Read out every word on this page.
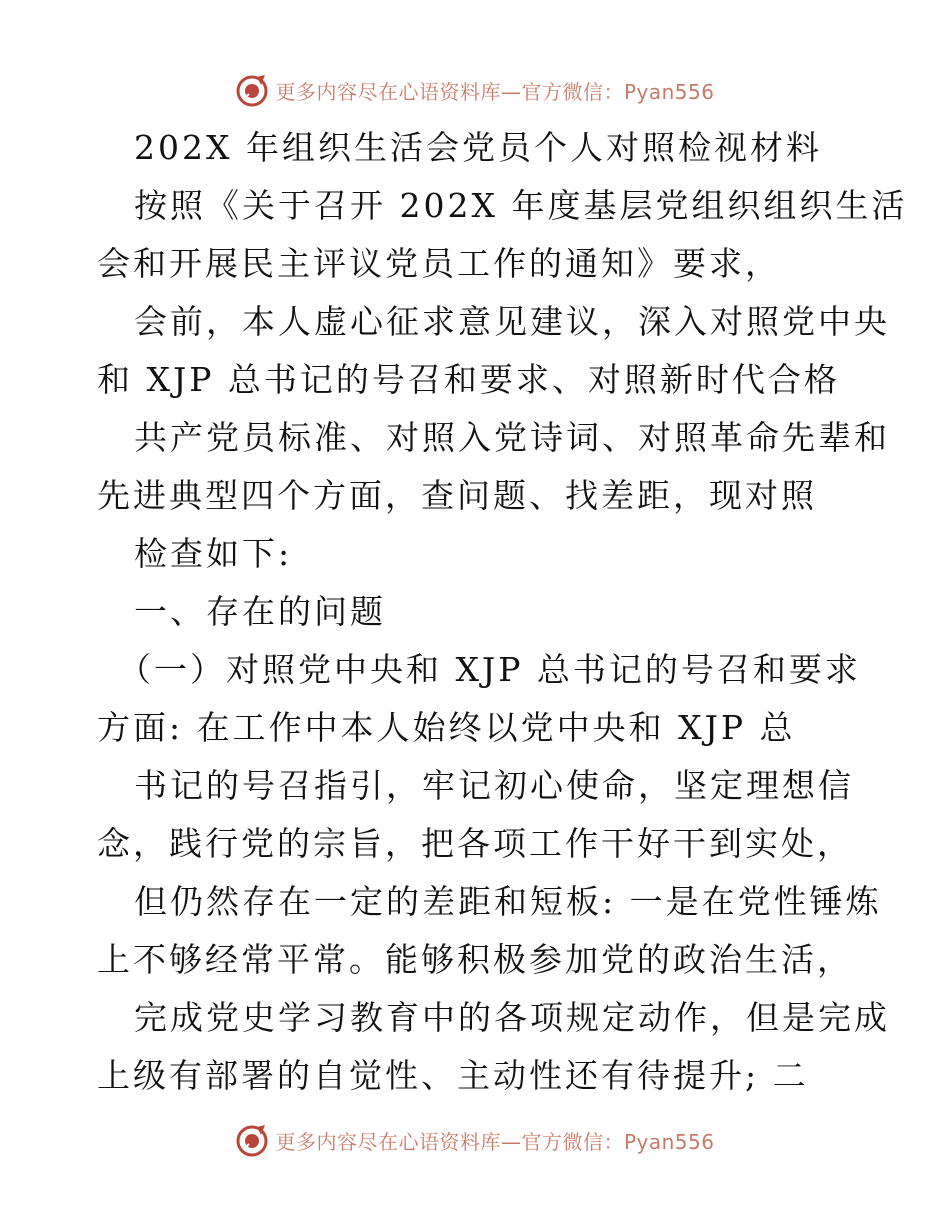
更多内容尽在心语资料库—官方微信：Pyan556
202X 年组织生活会党员个人对照检视材料
按照《关于召开 202X 年度基层党组织组织生活
会和开展民主评议党员工作的通知》要求，
会前，本人虚心征求意见建议，深入对照党中央
和 XJP 总书记的号召和要求、对照新时代合格
共产党员标准、对照入党诗词、对照革命先辈和
先进典型四个方面，查问题、找差距，现对照
检查如下:
一、存在的问题
（一）对照党中央和 XJP 总书记的号召和要求
方面: 在工作中本人始终以党中央和 XJP 总
书记的号召指引，牢记初心使命，坚定理想信
念，践行党的宗旨，把各项工作干好干到实处，
但仍然存在一定的差距和短板: 一是在党性锤炼
上不够经常平常。能够积极参加党的政治生活，
完成党史学习教育中的各项规定动作，但是完成
上级有部署的自觉性、主动性还有待提升; 二
更多内容尽在心语资料库—官方微信：Pyan556
